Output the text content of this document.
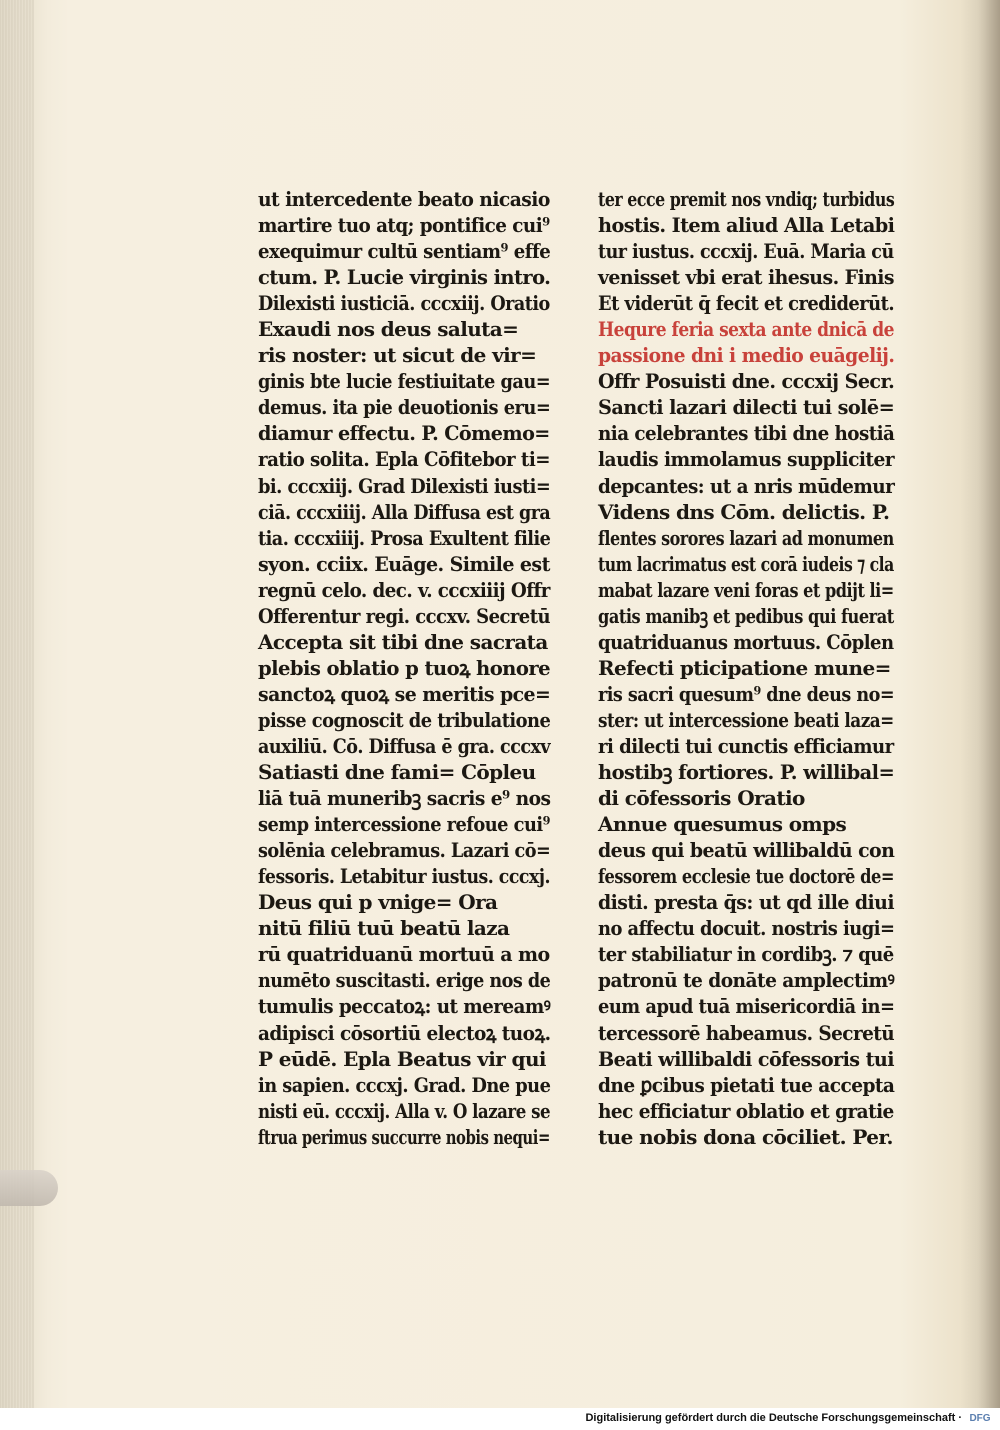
ut intercedente beato nicasio
martire tuo atq; pontifice cui⁹
exequimur cultū sentiam⁹ effe
ctum. P. Lucie virginis intro.
Dilexisti iusticiā. cccxiij. Oratio
Exaudi nos deus saluta=
ris noster: ut sicut de vir=
ginis bte lucie festiuitate gau=
demus. ita pie deuotionis eru=
diamur effectu. P. Cōmemo=
ratio solita. Epla Cōfitebor ti=
bi. cccxiij. Grad Dilexisti iusti=
ciā. cccxiiij. Alla Diffusa est gra
tia. cccxiiij. Prosa Exultent filie
syon. cciix. Euāge. Simile est
regnū celo. dec. v. cccxiiij Offr
Offerentur regi. cccxv. Secretū
Accepta sit tibi dne sacrata
plebis oblatio p tuoꝝ honore
sanctoꝝ quoꝝ se meritis pce=
pisse cognoscit de tribulatione
auxiliū. Cō. Diffusa ē gra. cccxv
Satiasti dne fami= Cōpleu
liā tuā muneribꝫ sacris e⁹ nos
semp intercessione refoue cui⁹
solēnia celebramus. Lazari cō=
fessoris. Letabitur iustus. cccxj.
Deus qui p vnige= Ora
nitū filiū tuū beatū laza
rū quatriduanū mortuū a mo
numēto suscitasti. erige nos de
tumulis peccatoꝝ: ut mereamꝰ
adipisci cōsortiū electoꝝ tuoꝝ.
P eūdē. Epla Beatus vir qui
in sapien. cccxj. Grad. Dne pue
nisti eū. cccxij. Alla v. O lazare se
ftrua perimus succurre nobis nequi=
ter ecce premit nos vndiq; turbidus
hostis. Item aliud Alla Letabi
tur iustus. cccxij. Euā. Maria cū
venisset vbi erat ihesus. Finis
Et viderūt q̄ fecit et crediderūt.
Hequre feria sexta ante dnicā de
passione dni i medio euāgelij.
Offr Posuisti dne. cccxij Secr.
Sancti lazari dilecti tui solē=
nia celebrantes tibi dne hostiā
laudis immolamus suppliciter
depcantes: ut a nris mūdemur
Videns dns Cōm. delictis. P.
flentes sorores lazari ad monumen
tum lacrimatus est corā iudeis ⁊ cla
mabat lazare veni foras et pdijt li=
gatis manibꝫ et pedibus qui fuerat
quatriduanus mortuus. Cōplen
Refecti pticipatione mune=
ris sacri quesum⁹ dne deus no=
ster: ut intercessione beati laza=
ri dilecti tui cunctis efficiamur
hostibꝫ fortiores. P. willibal=
di cōfessoris Oratio
Annue quesumus omps
deus qui beatū willibaldū con
fessorem ecclesie tue doctorē de=
disti. presta q̄s: ut qd ille diui
no affectu docuit. nostris iugi=
ter stabiliatur in cordibꝫ. ⁊ quē
patronū te donāte amplectimꝰ
eum apud tuā misericordiā in=
tercessorē habeamus. Secretū
Beati willibaldi cōfessoris tui
dne ꝑcibus pietati tue accepta
hec efficiatur oblatio et gratie
tue nobis dona cōciliet. Per.
Digitalisierung gefördert durch die Deutsche Forschungsgemeinschaft · DFG
